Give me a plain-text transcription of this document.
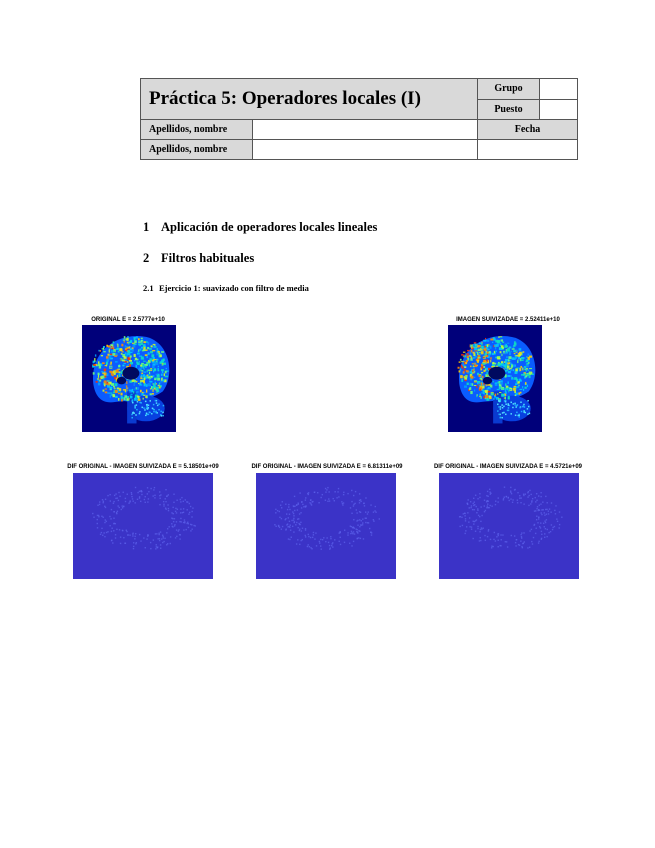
Práctica 5: Operadores locales (I)		Grupo	
		Puesto	
Apellidos, nombre		Fecha	
Apellidos, nombre			
1 Aplicación de operadores locales lineales
2 Filtros habituales
2.1 Ejercicio 1: suavizado con filtro de media
ORIGINAL E = 2.5777e+10	IMAGEN SUIVIZADAE = 2.52411e+10
DIF ORIGINAL - IMAGEN SUIVIZADA E = 5.18501e+09	DIF ORIGINAL - IMAGEN SUIVIZADA E = 6.81311e+09	DIF ORIGINAL - IMAGEN SUIVIZADA E = 4.5721e+09
